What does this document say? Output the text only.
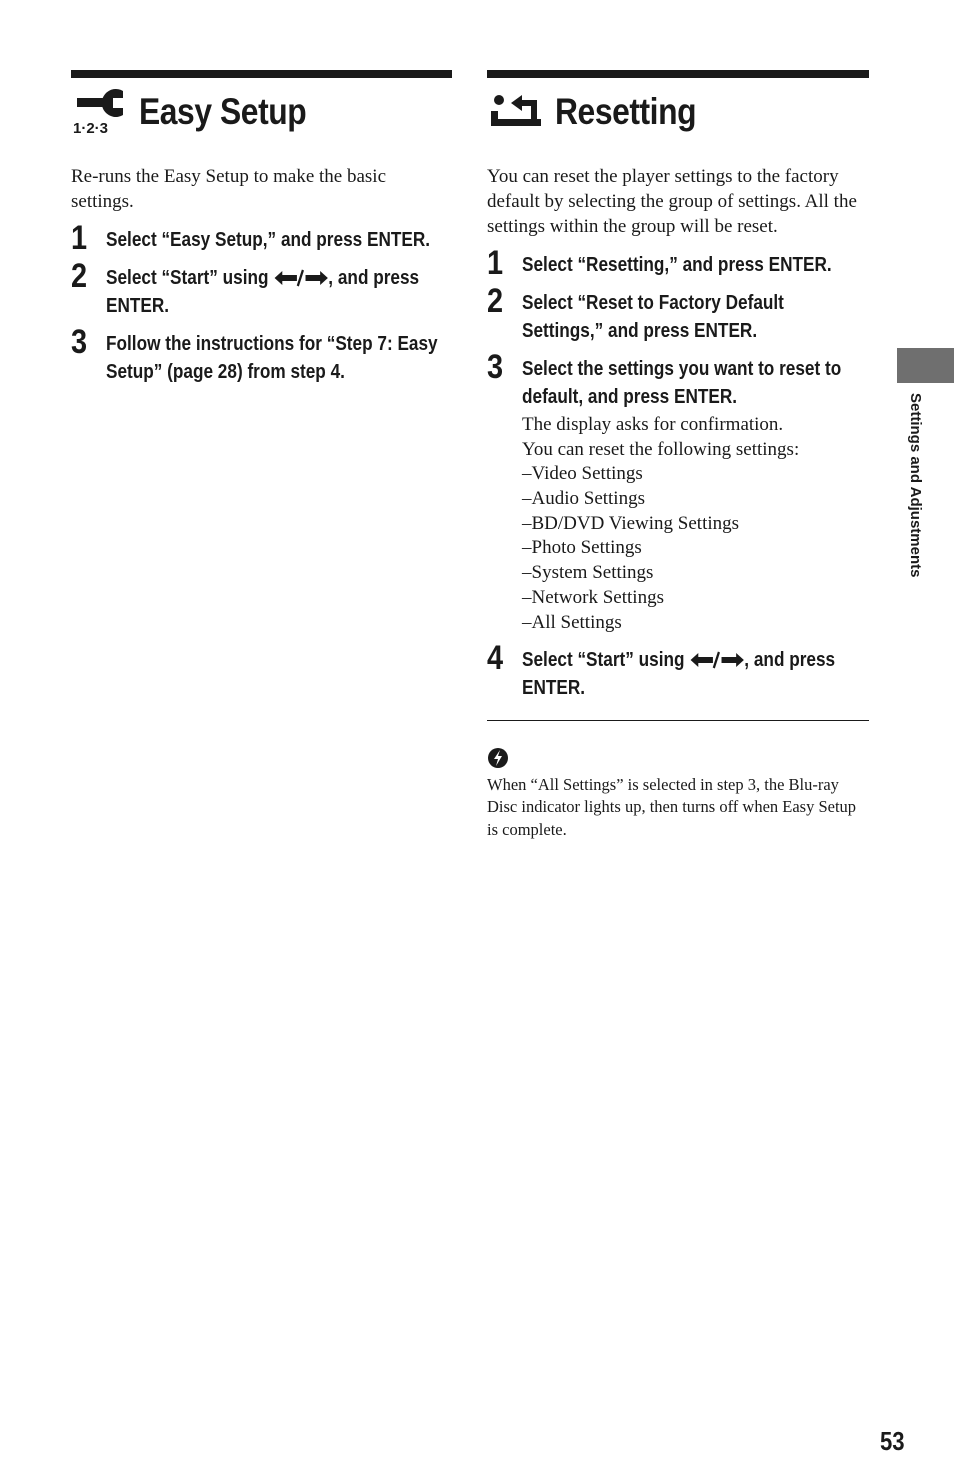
1·2·3 Easy Setup

Re-runs the Easy Setup to make the basic settings.

1 Select “Easy Setup,” and press ENTER.
2 Select “Start” using ←/→	, and press ENTER.
3 Follow the instructions for “Step 7: Easy Setup” (page 28) from step 4.
Resetting

You can reset the player settings to the factory default by selecting the group of settings. All the settings within the group will be reset.

1 Select “Resetting,” and press ENTER.
2 Select “Reset to Factory Default Settings,” and press ENTER.
3 Select the settings you want to reset to default, and press ENTER.
The display asks for confirmation.
You can reset the following settings:
–Video Settings
–Audio Settings
–BD/DVD Viewing Settings
–Photo Settings
–System Settings
–Network Settings
–All Settings
4 Select “Start” using ←/→	, and press ENTER.

When “All Settings” is selected in step 3, the Blu-ray Disc indicator lights up, then turns off when Easy Setup is complete.

Settings and Adjustments
53
